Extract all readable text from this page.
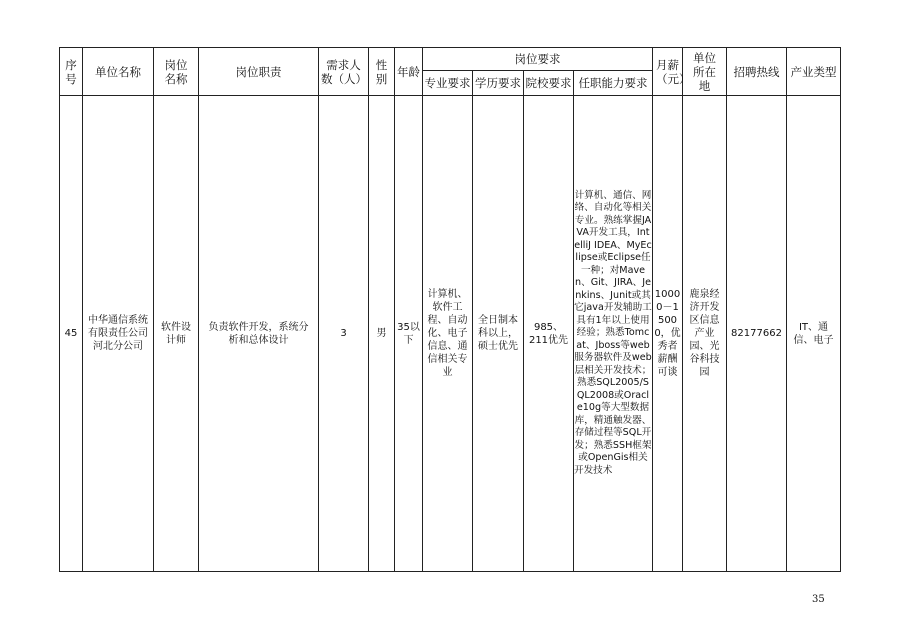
序号	单位名称	岗位名称	岗位职责	需求人数（人）	性别	年龄	岗位要求				月薪（元）	单位所在地	招聘热线	产业类型
							专业要求	学历要求	院校要求	任职能力要求				
45	中华通信系统有限责任公司河北分公司	软件设计师	负责软件开发，系统分析和总体设计	3	男	35以下	计算机、软件工程、自动化、电子信息、通信相关专业	全日制本科以上，硕士优先	985、211优先	计算机、通信、网络、自动化等相关专业。熟练掌握JAVA开发工具，IntelliJ IDEA、MyEclipse或Eclipse任一种；对Maven、Git、JIRA、Jenkins、Junit或其它java开发辅助工具有1年以上使用经验；熟悉Tomcat、Jboss等web服务器软件及web层相关开发技术；熟悉SQL2005/SQL2008或Oracle10g等大型数据库，精通触发器、存储过程等SQL开发；熟悉SSH框架或OpenGis相关开发技术	10000－15000，优秀者薪酬可谈	鹿泉经济开发区信息产业园、光谷科技园	82177662	IT、通信、电子
35
